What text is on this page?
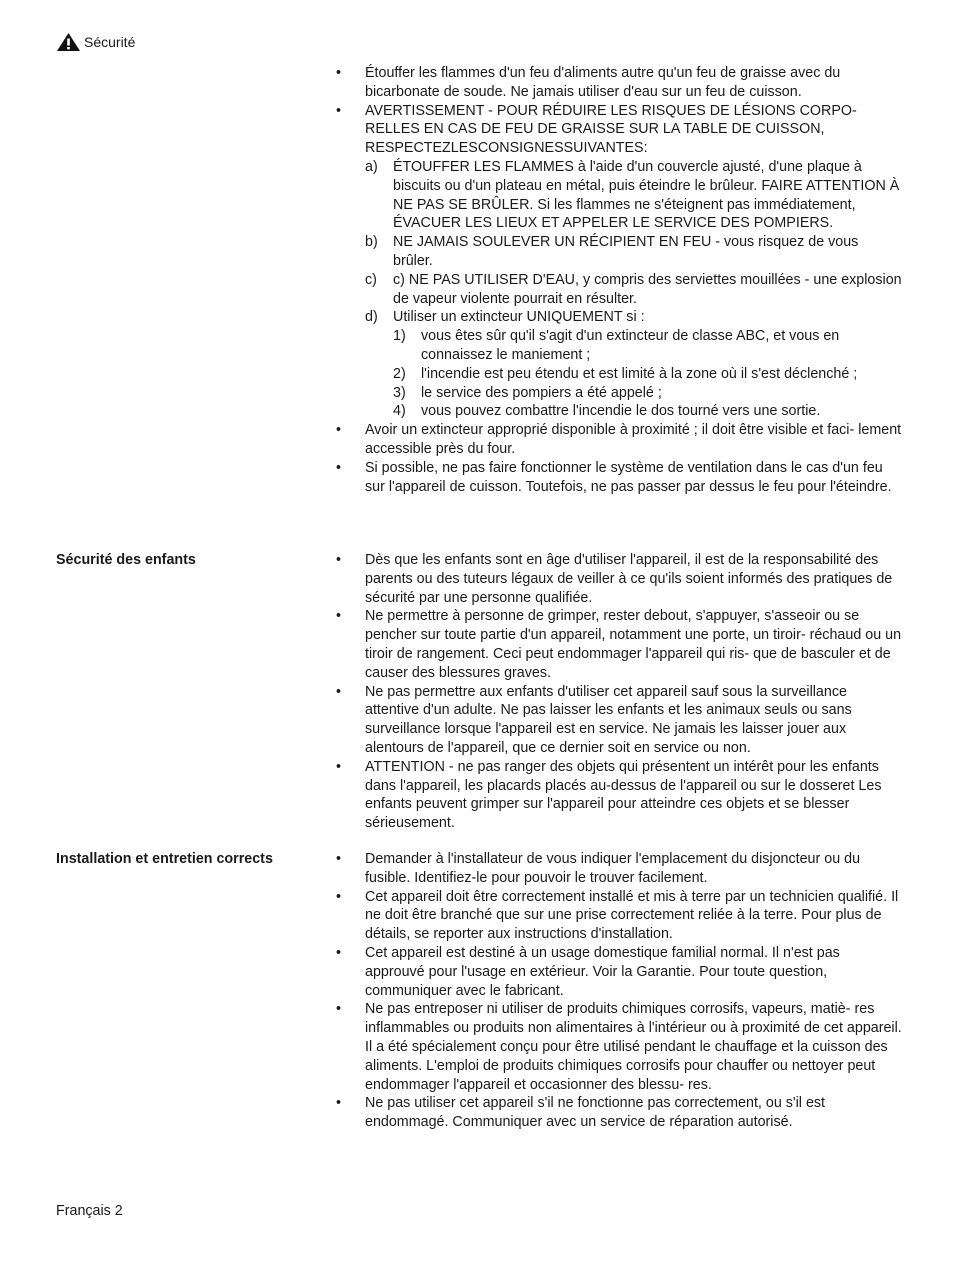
Sécurité
•	Étouffer les flammes d'un feu d'aliments autre qu'un feu de graisse avec du bicarbonate de soude. Ne jamais utiliser d'eau sur un feu de cuisson.
•	AVERTISSEMENT - POUR RÉDUIRE LES RISQUES DE LÉSIONS CORPO- RELLES EN CAS DE FEU DE GRAISSE SUR LA TABLE DE CUISSON, RESPECTEZLESCONSIGNESSUIVANTES:
a) ÉTOUFFER LES FLAMMES à l'aide d'un couvercle ajusté, d'une plaque à biscuits ou d'un plateau en métal, puis éteindre le brûleur. FAIRE ATTENTION À NE PAS SE BRÛLER. Si les flammes ne s'éteignent pas immédiatement, ÉVACUER LES LIEUX ET APPELER LE SERVICE DES POMPIERS.
b) NE JAMAIS SOULEVER UN RÉCIPIENT EN FEU - vous risquez de vous brûler.
c) c) NE PAS UTILISER D'EAU, y compris des serviettes mouillées - une explosion de vapeur violente pourrait en résulter.
d) Utiliser un extincteur UNIQUEMENT si :
1) vous êtes sûr qu'il s'agit d'un extincteur de classe ABC, et vous en connaissez le maniement ;
2) l'incendie est peu étendu et est limité à la zone où il s'est déclenché ;
3) le service des pompiers a été appelé ;
4) vous pouvez combattre l'incendie le dos tourné vers une sortie.
•	Avoir un extincteur approprié disponible à proximité ; il doit être visible et faci- lement accessible près du four.
•	Si possible, ne pas faire fonctionner le système de ventilation dans le cas d'un feu sur l'appareil de cuisson. Toutefois, ne pas passer par dessus le feu pour l'éteindre.
Sécurité des enfants	•	Dès que les enfants sont en âge d'utiliser l'appareil, il est de la responsabilité des parents ou des tuteurs légaux de veiller à ce qu'ils soient informés des pratiques de sécurité par une personne qualifiée.
•	Ne permettre à personne de grimper, rester debout, s'appuyer, s'asseoir ou se pencher sur toute partie d'un appareil, notamment une porte, un tiroir- réchaud ou un tiroir de rangement. Ceci peut endommager l'appareil qui ris- que de basculer et de causer des blessures graves.
•	Ne pas permettre aux enfants d'utiliser cet appareil sauf sous la surveillance attentive d'un adulte. Ne pas laisser les enfants et les animaux seuls ou sans surveillance lorsque l'appareil est en service. Ne jamais les laisser jouer aux alentours de l'appareil, que ce dernier soit en service ou non.
•	ATTENTION - ne pas ranger des objets qui présentent un intérêt pour les enfants dans l'appareil, les placards placés au-dessus de l'appareil ou sur le dosseret Les enfants peuvent grimper sur l'appareil pour atteindre ces objets et se blesser sérieusement.
Installation et entretien corrects	•	Demander à l'installateur de vous indiquer l'emplacement du disjoncteur ou du fusible. Identifiez-le pour pouvoir le trouver facilement.
•	Cet appareil doit être correctement installé et mis à terre par un technicien qualifié. Il ne doit être branché que sur une prise correctement reliée à la terre. Pour plus de détails, se reporter aux instructions d'installation.
•	Cet appareil est destiné à un usage domestique familial normal. Il n'est pas approuvé pour l'usage en extérieur. Voir la Garantie. Pour toute question, communiquer avec le fabricant.
•	Ne pas entreposer ni utiliser de produits chimiques corrosifs, vapeurs, matiè- res inflammables ou produits non alimentaires à l'intérieur ou à proximité de cet appareil. Il a été spécialement conçu pour être utilisé pendant le chauffage et la cuisson des aliments. L'emploi de produits chimiques corrosifs pour chauffer ou nettoyer peut endommager l'appareil et occasionner des blessu- res.
•	Ne pas utiliser cet appareil s'il ne fonctionne pas correctement, ou s'il est endommagé. Communiquer avec un service de réparation autorisé.
Français 2
